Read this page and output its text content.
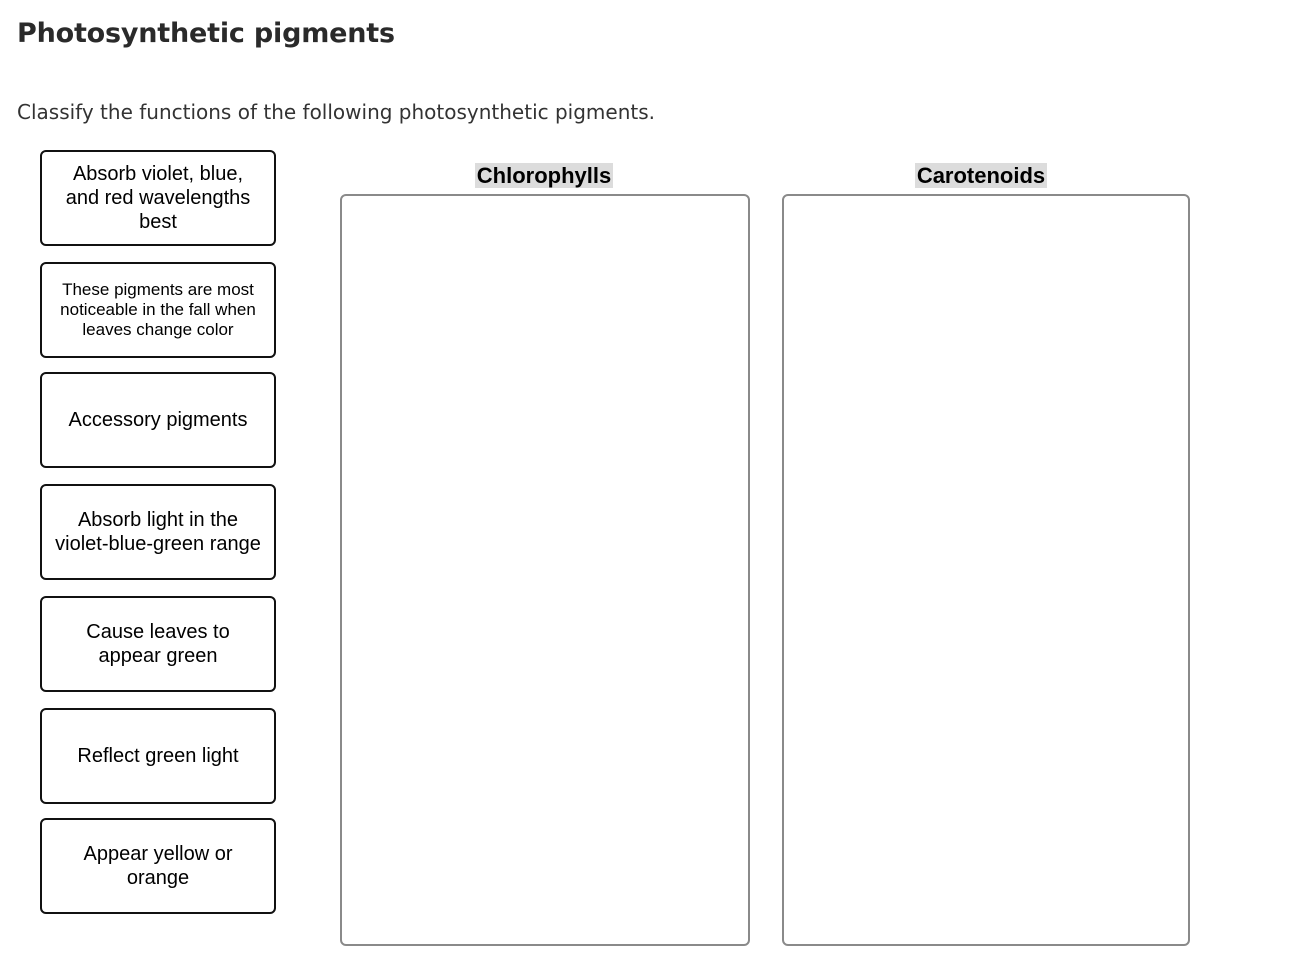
Photosynthetic pigments

Classify the functions of the following photosynthetic pigments.

Absorb violet, blue, and red wavelengths best
These pigments are most noticeable in the fall when leaves change color
Accessory pigments
Absorb light in the violet-blue-green range
Cause leaves to appear green
Reflect green light
Appear yellow or orange
Chlorophylls	Carotenoids
